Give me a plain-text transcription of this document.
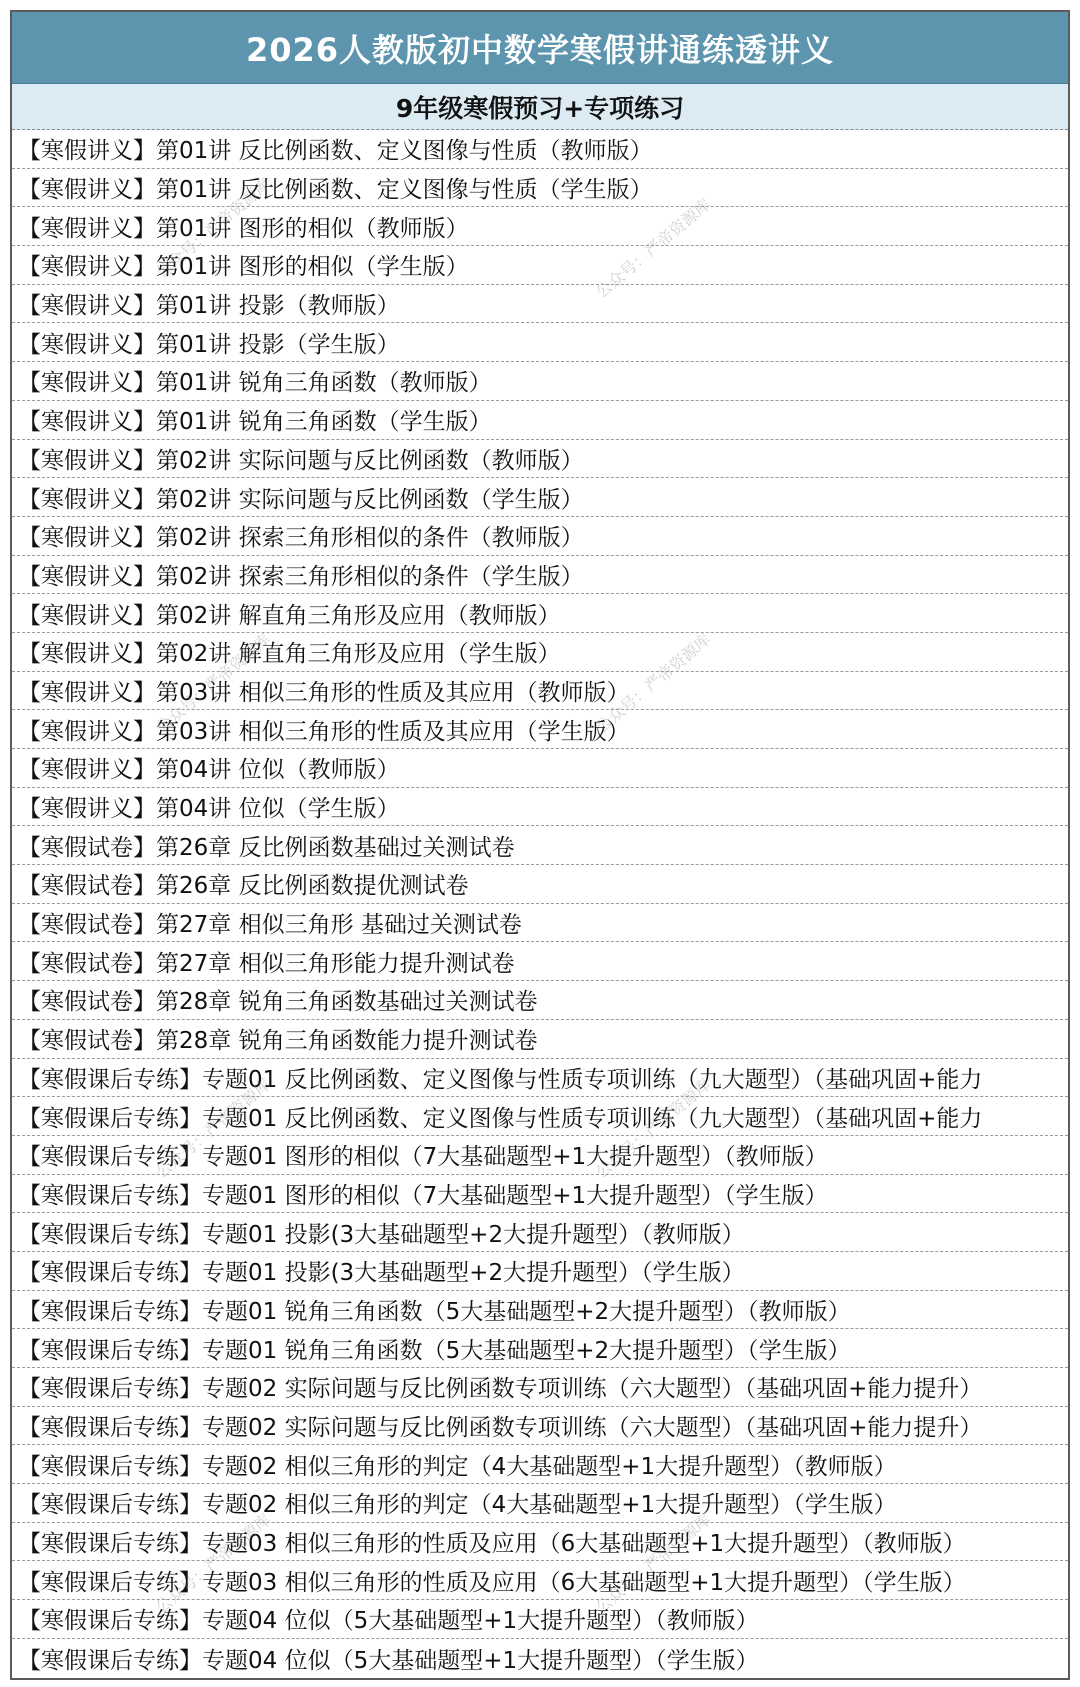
2026人教版初中数学寒假讲通练透讲义
9年级寒假预习+专项练习
【寒假讲义】第01讲 反比例函数、定义图像与性质（教师版）
【寒假讲义】第01讲 反比例函数、定义图像与性质（学生版）
【寒假讲义】第01讲 图形的相似（教师版）
【寒假讲义】第01讲 图形的相似（学生版）
【寒假讲义】第01讲 投影（教师版）
【寒假讲义】第01讲 投影（学生版）
【寒假讲义】第01讲 锐角三角函数（教师版）
【寒假讲义】第01讲 锐角三角函数（学生版）
【寒假讲义】第02讲 实际问题与反比例函数（教师版）
【寒假讲义】第02讲 实际问题与反比例函数（学生版）
【寒假讲义】第02讲 探索三角形相似的条件（教师版）
【寒假讲义】第02讲 探索三角形相似的条件（学生版）
【寒假讲义】第02讲 解直角三角形及应用（教师版）
【寒假讲义】第02讲 解直角三角形及应用（学生版）
【寒假讲义】第03讲 相似三角形的性质及其应用（教师版）
【寒假讲义】第03讲 相似三角形的性质及其应用（学生版）
【寒假讲义】第04讲 位似（教师版）
【寒假讲义】第04讲 位似（学生版）
【寒假试卷】第26章 反比例函数基础过关测试卷
【寒假试卷】第26章 反比例函数提优测试卷
【寒假试卷】第27章 相似三角形 基础过关测试卷
【寒假试卷】第27章 相似三角形能力提升测试卷
【寒假试卷】第28章 锐角三角函数基础过关测试卷
【寒假试卷】第28章 锐角三角函数能力提升测试卷
【寒假课后专练】专题01 反比例函数、定义图像与性质专项训练（九大题型）（基础巩固+能力
【寒假课后专练】专题01 反比例函数、定义图像与性质专项训练（九大题型）（基础巩固+能力
【寒假课后专练】专题01 图形的相似（7大基础题型+1大提升题型）（教师版）
【寒假课后专练】专题01 图形的相似（7大基础题型+1大提升题型）（学生版）
【寒假课后专练】专题01 投影(3大基础题型+2大提升题型）（教师版）
【寒假课后专练】专题01 投影(3大基础题型+2大提升题型）（学生版）
【寒假课后专练】专题01 锐角三角函数（5大基础题型+2大提升题型）（教师版）
【寒假课后专练】专题01 锐角三角函数（5大基础题型+2大提升题型）（学生版）
【寒假课后专练】专题02 实际问题与反比例函数专项训练（六大题型）（基础巩固+能力提升）
【寒假课后专练】专题02 实际问题与反比例函数专项训练（六大题型）（基础巩固+能力提升）
【寒假课后专练】专题02 相似三角形的判定（4大基础题型+1大提升题型）（教师版）
【寒假课后专练】专题02 相似三角形的判定（4大基础题型+1大提升题型）（学生版）
【寒假课后专练】专题03 相似三角形的性质及应用（6大基础题型+1大提升题型）（教师版）
【寒假课后专练】专题03 相似三角形的性质及应用（6大基础题型+1大提升题型）（学生版）
【寒假课后专练】专题04 位似（5大基础题型+1大提升题型）（教师版）
【寒假课后专练】专题04 位似（5大基础题型+1大提升题型）（学生版）
公众号：严帝资源库	公众号：严帝资源库
公众号：严帝资源库	公众号：严帝资源库
公众号：严帝资源库	公众号：严帝资源库
公众号：严帝资源库	公众号：严帝资源库
